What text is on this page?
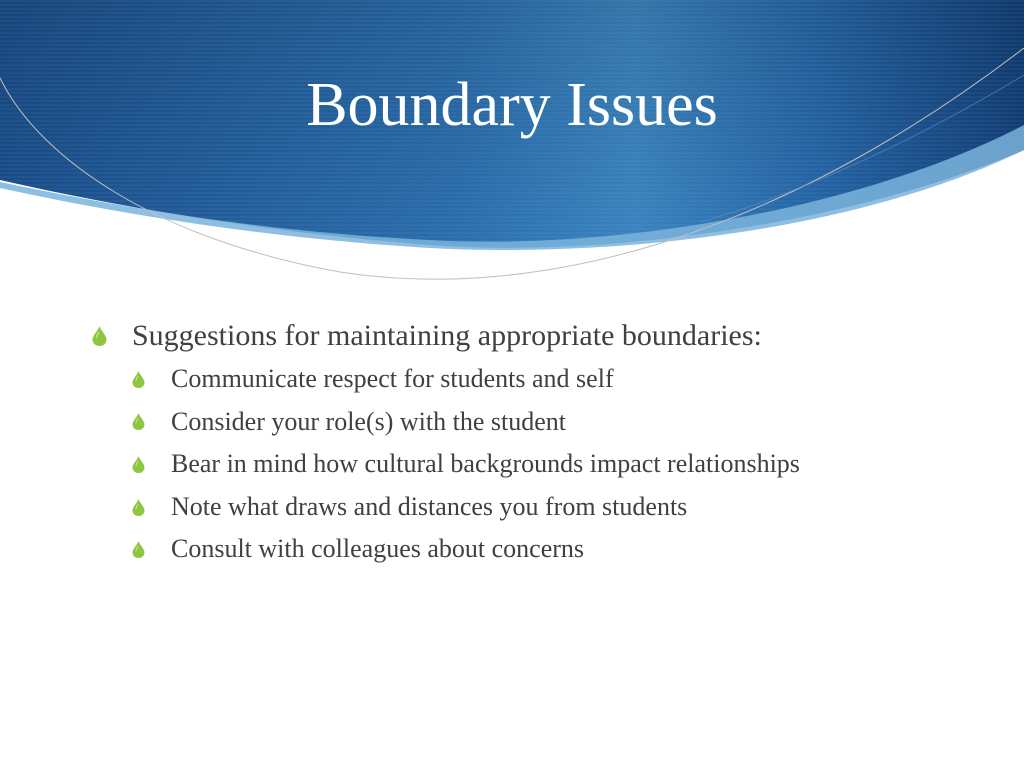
Boundary Issues
Suggestions for maintaining appropriate boundaries:
Communicate respect for students and self
Consider your role(s) with the student
Bear in mind how cultural backgrounds impact relationships
Note what draws and distances you from students
Consult with colleagues about concerns
